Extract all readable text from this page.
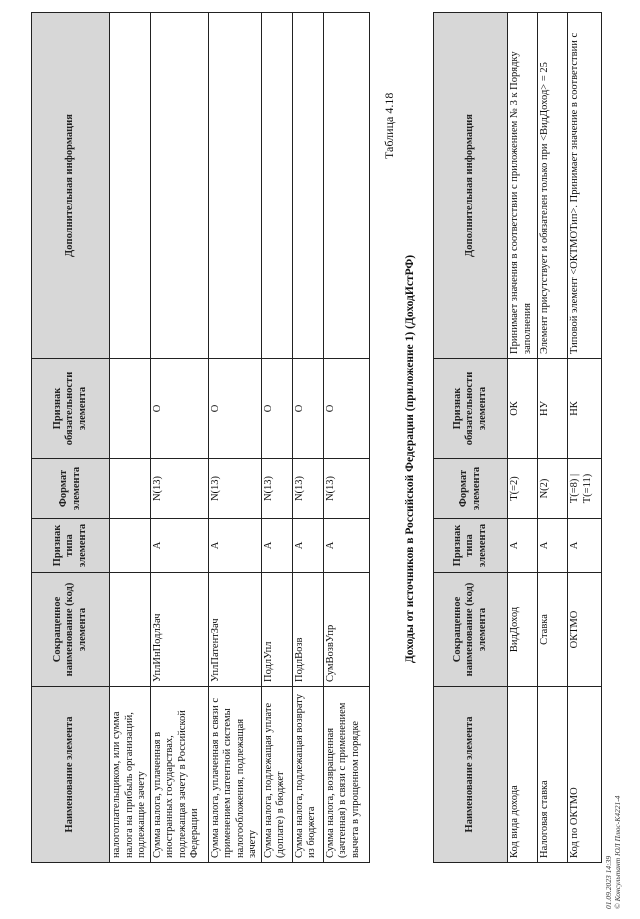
Наименование элемента	Сокращенное наименование (код) элемента	Признак типа элемента	Формат элемента	Признак обязательности элемента	Дополнительная информация
налогоплательщиком, или сумма налога на прибыль организаций, подлежащие зачету					
Сумма налога, уплаченная в иностранных государствах, подлежащая зачету в Российской Федерации	УплИнПодлЗач	А	N(13)	О	
Сумма налога, уплаченная в связи с применением патентной системы налогообложения, подлежащая зачету	УплПатентЗач	А	N(13)	О	
Сумма налога, подлежащая уплате (доплате) в бюджет	ПодлУпл	А	N(13)	О	
Сумма налога, подлежащая возврату из бюджета	ПодлВозв	А	N(13)	О	
Сумма налога, возвращенная (зачтенная) в связи с применением вычета в упрощенном порядке	СумВозвУпр	А	N(13)	О	
Таблица 4.18
Доходы от источников в Российской Федерации (приложение 1) (ДоходИстРФ)
Наименование элемента	Сокращенное наименование (код) элемента	Признак типа элемента	Формат элемента	Признак обязательности элемента	Дополнительная информация
Код вида дохода	ВидДоход	А	Т(=2)	ОК	Принимает значения в соответствии с приложением № 3 к Порядку заполнения
Налоговая ставка	Ставка	А	N(2)	НУ	Элемент присутствует и обязателен только при <ВидДоход> = 25
Код по ОКТМО	ОКТМО	А	Т(=8) | Т(=11)	НК	Типовой элемент <ОКТМОТип>. Принимает значение в соответствии с
01.09.2023 14:39 © Консультант ЮЛ Плюс-К4221-4
